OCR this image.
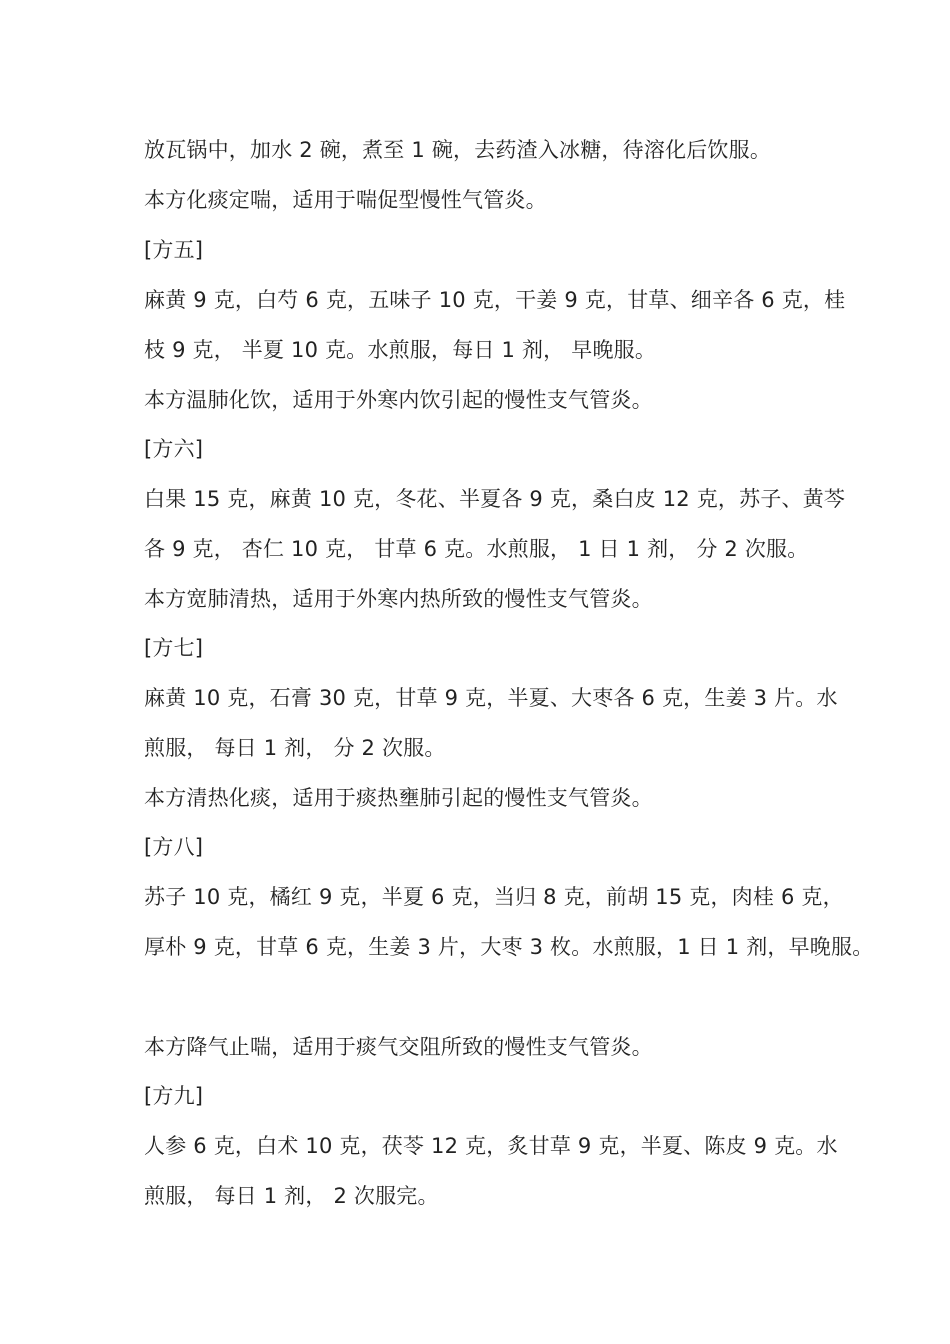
放瓦锅中，加水 2 碗，煮至 1 碗，去药渣入冰糖，待溶化后饮服。

本方化痰定喘，适用于喘促型慢性气管炎。

[方五]

麻黄 9 克，白芍 6 克，五味子 10 克，干姜 9 克，甘草、细辛各 6 克，桂

枝 9 克， 半夏 10 克。水煎服，每日 1 剂， 早晚服。

本方温肺化饮，适用于外寒内饮引起的慢性支气管炎。

[方六]

白果 15 克，麻黄 10 克，冬花、半夏各 9 克，桑白皮 12 克，苏子、黄芩

各 9 克， 杏仁 10 克， 甘草 6 克。水煎服， 1 日 1 剂， 分 2 次服。

本方宽肺清热，适用于外寒内热所致的慢性支气管炎。

[方七]

麻黄 10 克，石膏 30 克，甘草 9 克，半夏、大枣各 6 克，生姜 3 片。水

煎服， 每日 1 剂， 分 2 次服。

本方清热化痰，适用于痰热壅肺引起的慢性支气管炎。

[方八]

苏子 10 克，橘红 9 克，半夏 6 克，当归 8 克，前胡 15 克，肉桂 6 克，

厚朴 9 克，甘草 6 克，生姜 3 片，大枣 3 枚。水煎服，1 日 1 剂，早晚服。

本方降气止喘，适用于痰气交阻所致的慢性支气管炎。

[方九]

人参 6 克，白术 10 克，茯苓 12 克，炙甘草 9 克，半夏、陈皮 9 克。水

煎服， 每日 1 剂， 2 次服完。
